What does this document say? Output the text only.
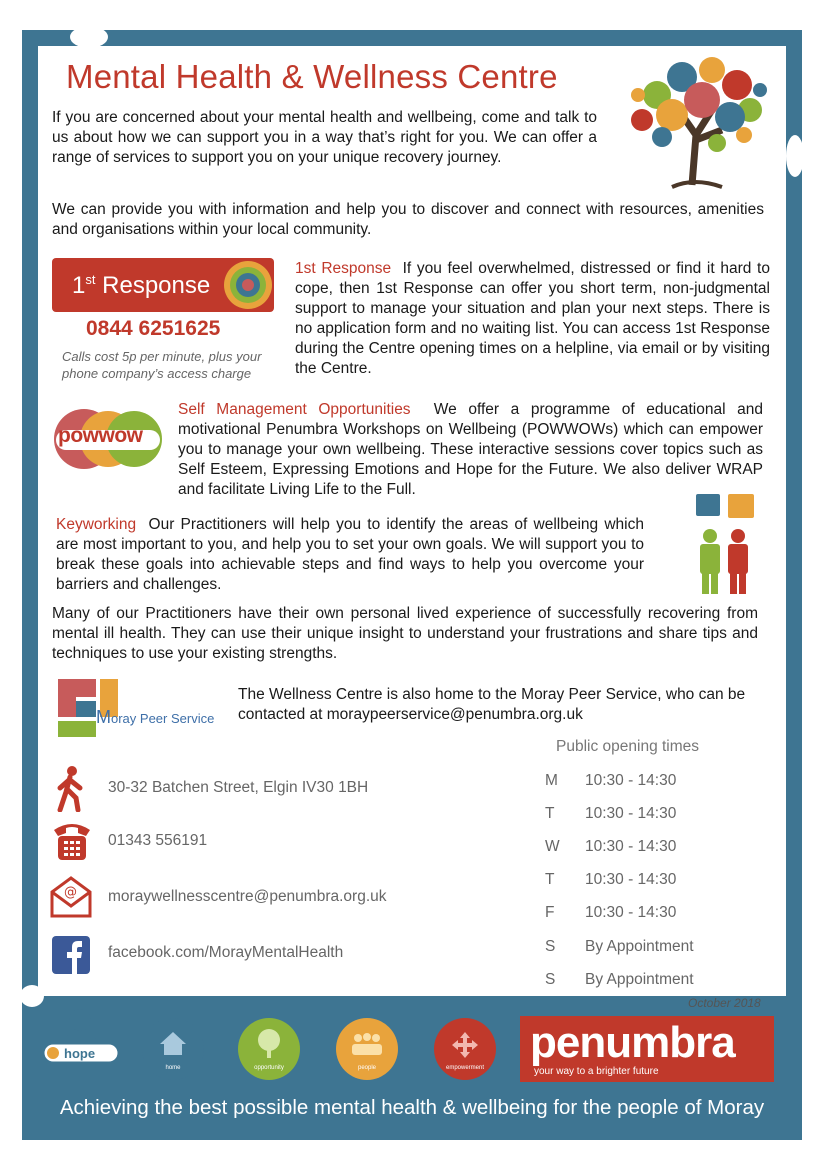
Mental Health & Wellness Centre

If you are concerned about your mental health and wellbeing, come and talk to us about how we can support you in a way that’s right for you. We can offer a range of services to support you on your unique recovery journey.

We can provide you with information and help you to discover and connect with resources, amenities and organisations within your local community.

1st Response
0844 6251625

Calls cost 5p per minute, plus your phone company’s access charge

1st Response If you feel overwhelmed, distressed or find it hard to cope, then 1st Response can offer you short term, non-judgmental support to manage your situation and plan your next steps. There is no application form and no waiting list. You can access 1st Response during the Centre opening times on a helpline, via email or by visiting the Centre.

powwow

Self Management Opportunities We offer a programme of educational and motivational Penumbra Workshops on Wellbeing (POWWOWs) which can empower you to manage your own wellbeing. These interactive sessions cover topics such as Self Esteem, Expressing Emotions and Hope for the Future. We also deliver WRAP and facilitate Living Life to the Full.

Keyworking Our Practitioners will help you to identify the areas of wellbeing which are most important to you, and help you to set your own goals. We will support you to break these goals into achievable steps and find ways to help you overcome your barriers and challenges.

Many of our Practitioners have their own personal lived experience of successfully recovering from mental ill health. They can use their unique insight to understand your frustrations and share tips and techniques to use your existing strengths.

Moray Peer Service

The Wellness Centre is also home to the Moray Peer Service, who can be contacted at moraypeerservice@penumbra.org.uk

30-32 Batchen Street, Elgin IV30 1BH
01343 556191
@ moraywellnesscentre@penumbra.org.uk
facebook.com/MorayMentalHealth
Public opening times
M 10:30 - 14:30
T 10:30 - 14:30
W 10:30 - 14:30
T 10:30 - 14:30
F 10:30 - 14:30
S By Appointment
S By Appointment
October 2018
hope
home	opportunity	people	empowerment
penumbra
your way to a brighter future
Achieving the best possible mental health & wellbeing for the people of Moray
